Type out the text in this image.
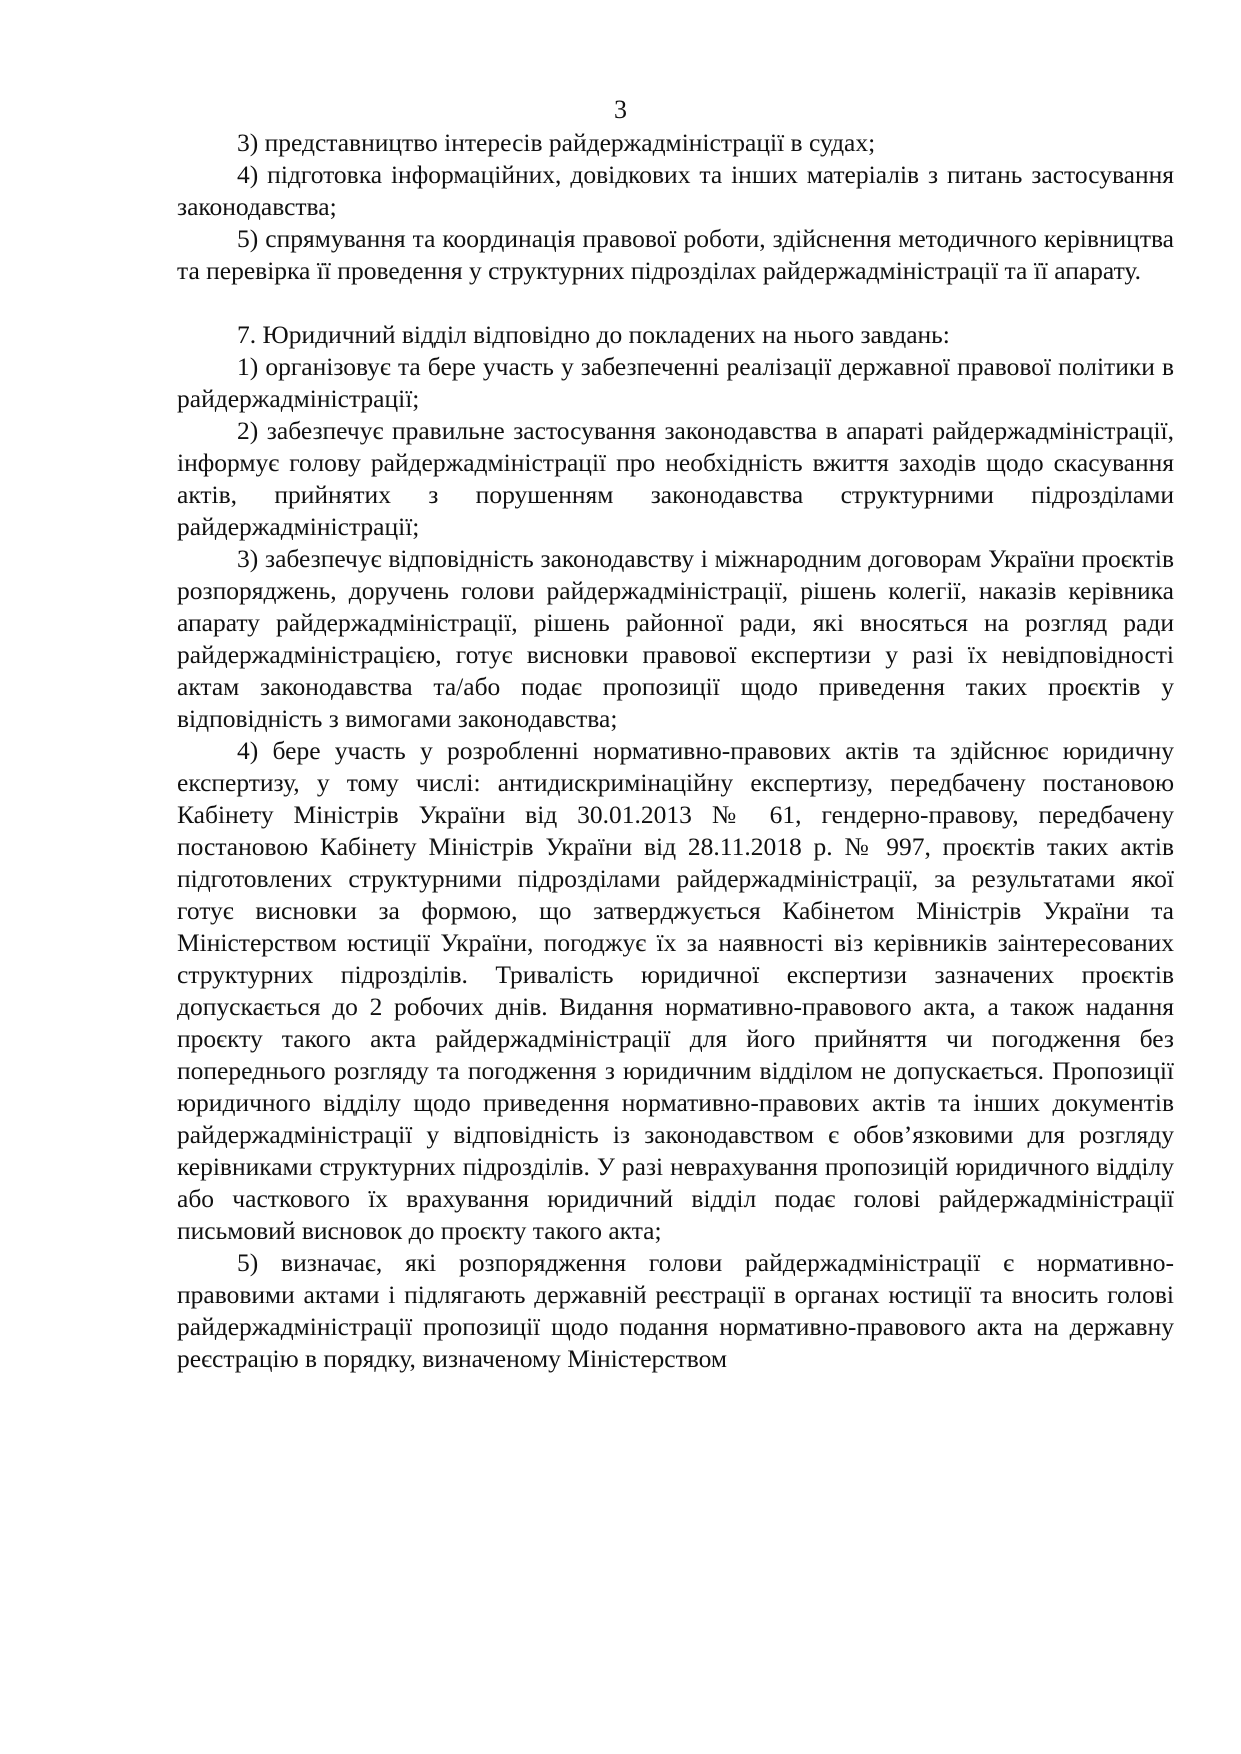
3

3) представництво інтересів райдержадміністрації в судах;

4) підготовка інформаційних, довідкових та інших матеріалів з питань застосування законодавства;

5) спрямування та координація правової роботи, здійснення методичного керівництва та перевірка її проведення у структурних підрозділах райдержадміністрації та її апарату.

7. Юридичний відділ відповідно до покладених на нього завдань:

1) організовує та бере участь у забезпеченні реалізації державної правової політики в райдержадміністрації;

2) забезпечує правильне застосування законодавства в апараті райдержадміністрації, інформує голову райдержадміністрації про необхідність вжиття заходів щодо скасування актів, прийнятих з порушенням законодавства структурними підрозділами райдержадміністрації;

3) забезпечує відповідність законодавству і міжнародним договорам України проєктів розпоряджень, доручень голови райдержадміністрації, рішень колегії, наказів керівника апарату райдержадміністрації, рішень районної ради, які вносяться на розгляд ради райдержадміністрацією, готує висновки правової експертизи у разі їх невідповідності актам законодавства та/або подає пропозиції щодо приведення таких проєктів у відповідність з вимогами законодавства;

4) бере участь у розробленні нормативно-правових актів та здійснює юридичну експертизу, у тому числі: антидискримінаційну експертизу, передбачену постановою Кабінету Міністрів України від 30.01.2013 № 61, гендерно-правову, передбачену постановою Кабінету Міністрів України від 28.11.2018 р. № 997, проєктів таких актів підготовлених структурними підрозділами райдержадміністрації, за результатами якої готує висновки за формою, що затверджується Кабінетом Міністрів України та Міністерством юстиції України, погоджує їх за наявності віз керівників заінтересованих структурних підрозділів. Тривалість юридичної експертизи зазначених проєктів допускається до 2 робочих днів. Видання нормативно-правового акта, а також надання проєкту такого акта райдержадміністрації для його прийняття чи погодження без попереднього розгляду та погодження з юридичним відділом не допускається. Пропозиції юридичного відділу щодо приведення нормативно-правових актів та інших документів райдержадміністрації у відповідність із законодавством є обов’язковими для розгляду керівниками структурних підрозділів. У разі неврахування пропозицій юридичного відділу або часткового їх врахування юридичний відділ подає голові райдержадміністрації письмовий висновок до проєкту такого акта;

5) визначає, які розпорядження голови райдержадміністрації є нормативно-правовими актами і підлягають державній реєстрації в органах юстиції та вносить голові райдержадміністрації пропозиції щодо подання нормативно-правового акта на державну реєстрацію в порядку, визначеному Міністерством
